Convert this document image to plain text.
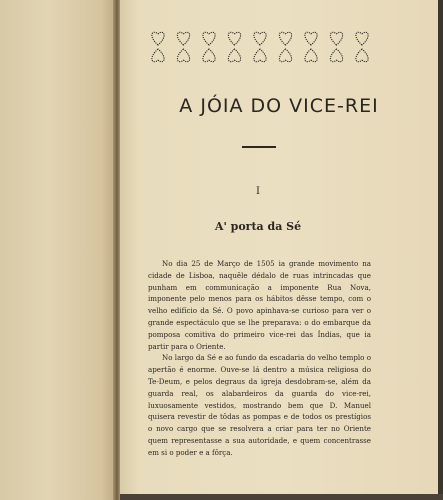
A JÓIA DO VICE-REI
I
A' porta da Sé

No dia 25 de Março de 1505 ia grande movimento na cidade de Lisboa, naquêle dédalo de ruas intrincadas que punham em communicação a imponente Rua Nova, imponente pelo menos para os hábitos dêsse tempo, com o velho edifício da Sé. O povo apinhava-se curioso para ver o grande espectáculo que se lhe preparava: o do embarque da pomposa comitiva do primeiro vice-rei das Índias, que ia partir para o Oriente.

No largo da Sé e ao fundo da escadaria do velho templo o apertão é enorme. Ouve-se lá dentro a música religiosa do Te-Deum, e pelos degraus da igreja desdobram-se, além da guarda real, os alabardeiros da guarda do vice-rei, luxuosamente vestidos, mostrando bem que D. Manuel quisera revestir de tôdas as pompas e de todos os prestígios o novo cargo que se resolvera a criar para ter no Oriente quem representasse a sua autoridade, e quem concentrasse em si o poder e a fôrça.
